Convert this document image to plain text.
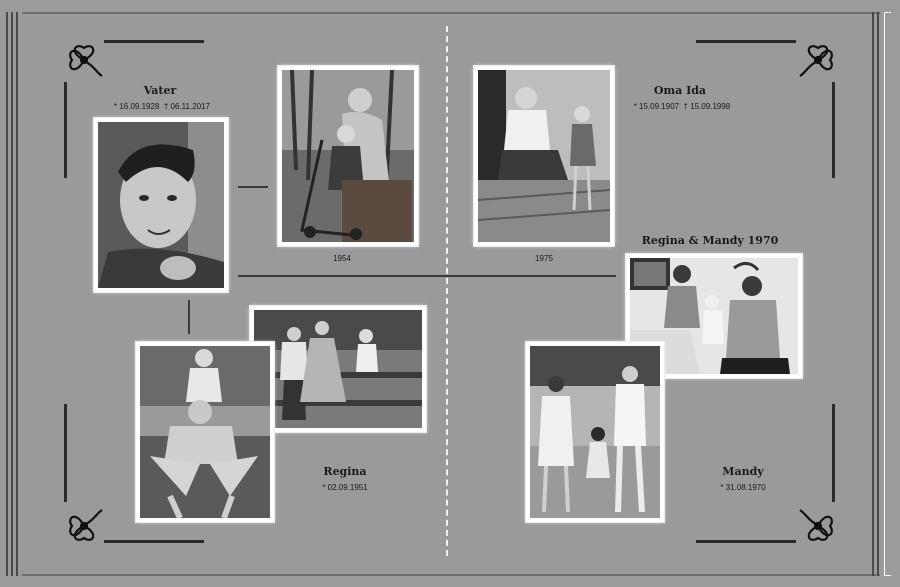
Vater
* 16.09.1928 † 06.11.2017
Oma Ida
* 15.09.1907 † 15.09.1998
Regina & Mandy 1970
Regina
* 02.09.1951
Mandy
* 31.08.1970
1954	1975
